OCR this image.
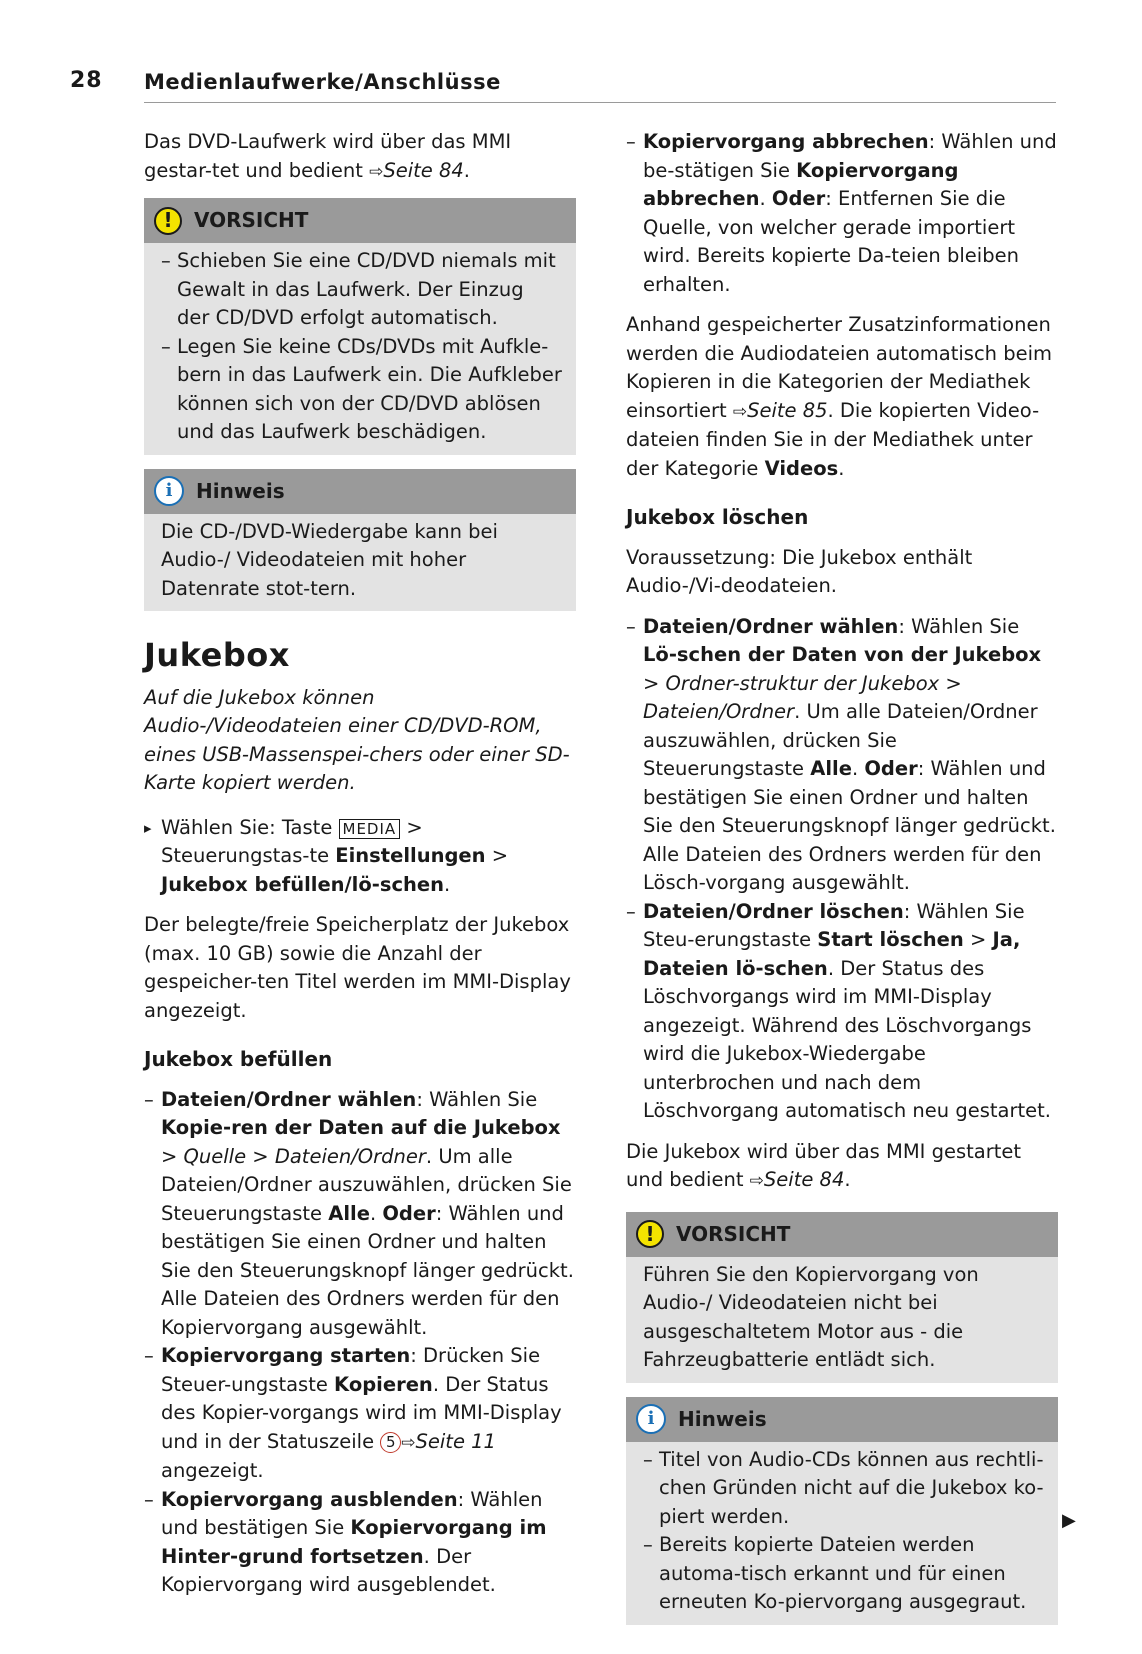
28 Medienlaufwerke/Anschlüsse

Das DVD-Laufwerk wird über das MMI gestar-tet und bedient ⇨Seite 84.

!	VORSICHT
– Schieben Sie eine CD/DVD niemals mit Gewalt in das Laufwerk. Der Einzug der CD/DVD erfolgt automatisch.
– Legen Sie keine CDs/DVDs mit Aufkle-bern in das Laufwerk ein. Die Aufkleber können sich von der CD/DVD ablösen und das Laufwerk beschädigen.
i	Hinweis
Die CD-/DVD-Wiedergabe kann bei Audio-/ Videodateien mit hoher Datenrate stot-tern.
Jukebox

Auf die Jukebox können Audio-/Videodateien einer CD/DVD-ROM, eines USB-Massenspei-chers oder einer SD-Karte kopiert werden.

▸ Wählen Sie: Taste MEDIA > Steuerungstas-te Einstellungen > Jukebox befüllen/lö-schen.

Der belegte/freie Speicherplatz der Jukebox (max. 10 GB) sowie die Anzahl der gespeicher-ten Titel werden im MMI-Display angezeigt.

Jukebox befüllen
– Dateien/Ordner wählen: Wählen Sie Kopie-ren der Daten auf die Jukebox > Quelle > Dateien/Ordner. Um alle Dateien/Ordner auszuwählen, drücken Sie Steuerungstaste Alle. Oder: Wählen und bestätigen Sie einen Ordner und halten Sie den Steuerungsknopf länger gedrückt. Alle Dateien des Ordners werden für den Kopiervorgang ausgewählt.
– Kopiervorgang starten: Drücken Sie Steuer-ungstaste Kopieren. Der Status des Kopier-vorgangs wird im MMI-Display und in der Statuszeile 5 ⇨Seite 11 angezeigt.
– Kopiervorgang ausblenden: Wählen und bestätigen Sie Kopiervorgang im Hinter-grund fortsetzen. Der Kopiervorgang wird ausgeblendet.
– Kopiervorgang abbrechen: Wählen und be-stätigen Sie Kopiervorgang abbrechen. Oder: Entfernen Sie die Quelle, von welcher gerade importiert wird. Bereits kopierte Da-teien bleiben erhalten.

Anhand gespeicherter Zusatzinformationen werden die Audiodateien automatisch beim Kopieren in die Kategorien der Mediathek einsortiert ⇨Seite 85. Die kopierten Video-dateien finden Sie in der Mediathek unter der Kategorie Videos.

Jukebox löschen

Voraussetzung: Die Jukebox enthält Audio-/Vi-deodateien.

– Dateien/Ordner wählen: Wählen Sie Lö-schen der Daten von der Jukebox > Ordner-struktur der Jukebox > Dateien/Ordner. Um alle Dateien/Ordner auszuwählen, drücken Sie Steuerungstaste Alle. Oder: Wählen und bestätigen Sie einen Ordner und halten Sie den Steuerungsknopf länger gedrückt. Alle Dateien des Ordners werden für den Lösch-vorgang ausgewählt.
– Dateien/Ordner löschen: Wählen Sie Steu-erungstaste Start löschen > Ja, Dateien lö-schen. Der Status des Löschvorgangs wird im MMI-Display angezeigt. Während des Löschvorgangs wird die Jukebox-Wiedergabe unterbrochen und nach dem Löschvorgang automatisch neu gestartet.

Die Jukebox wird über das MMI gestartet und bedient ⇨Seite 84.

!	VORSICHT
Führen Sie den Kopiervorgang von Audio-/ Videodateien nicht bei ausgeschaltetem Motor aus - die Fahrzeugbatterie entlädt sich.
i	Hinweis
– Titel von Audio-CDs können aus rechtli-chen Gründen nicht auf die Jukebox ko-piert werden.
– Bereits kopierte Dateien werden automa-tisch erkannt und für einen erneuten Ko-piervorgang ausgegraut.
▶
